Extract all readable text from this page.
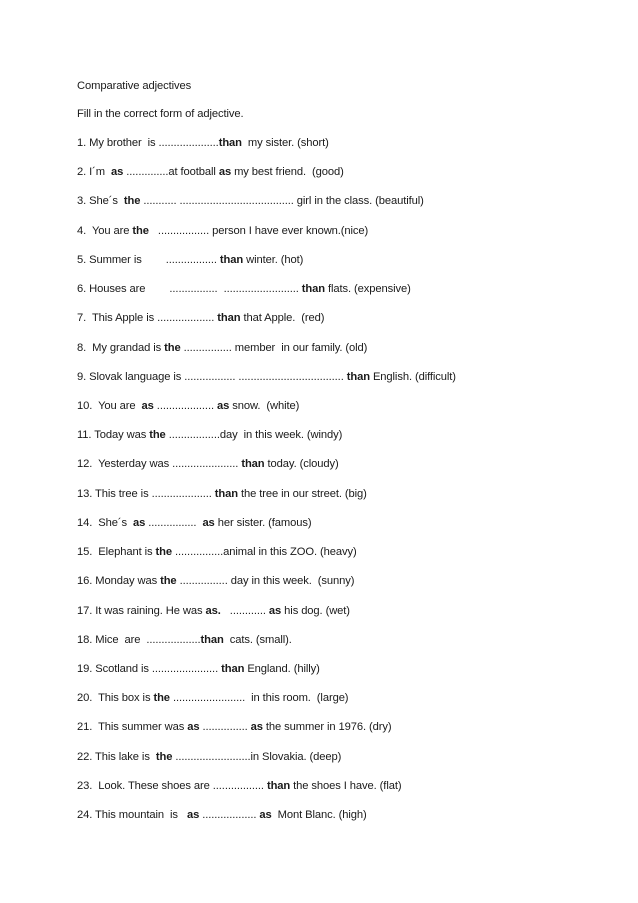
Comparative adjectives
Fill in the correct form of adjective.
1. My brother  is ....................than  my sister. (short)
2. I´m  as ..............at football as my best friend.  (good)
3. She´s  the ........... ...................................... girl in the class. (beautiful)
4.  You are the   ................. person I have ever known.(nice)
5. Summer is        ................. than winter. (hot)
6. Houses are        ................  ......................... than flats. (expensive)
7.  This Apple is ................... than that Apple.  (red)
8.  My grandad is the ................ member  in our family. (old)
9. Slovak language is ................. ................................... than English. (difficult)
10.  You are  as ................... as snow.  (white)
11. Today was the .................day  in this week. (windy)
12.  Yesterday was ...................... than today. (cloudy)
13. This tree is .................... than the tree in our street. (big)
14.  She´s  as ................  as her sister. (famous)
15.  Elephant is the ................animal in this ZOO. (heavy)
16. Monday was the ................ day in this week.  (sunny)
17. It was raining. He was as.   ............ as his dog. (wet)
18. Mice  are  ..................than  cats. (small).
19. Scotland is ...................... than England. (hilly)
20.  This box is the ........................  in this room.  (large)
21.  This summer was as ............... as the summer in 1976. (dry)
22. This lake is  the .........................in Slovakia. (deep)
23.  Look. These shoes are ................. than the shoes I have. (flat)
24. This mountain  is   as .................. as  Mont Blanc. (high)
